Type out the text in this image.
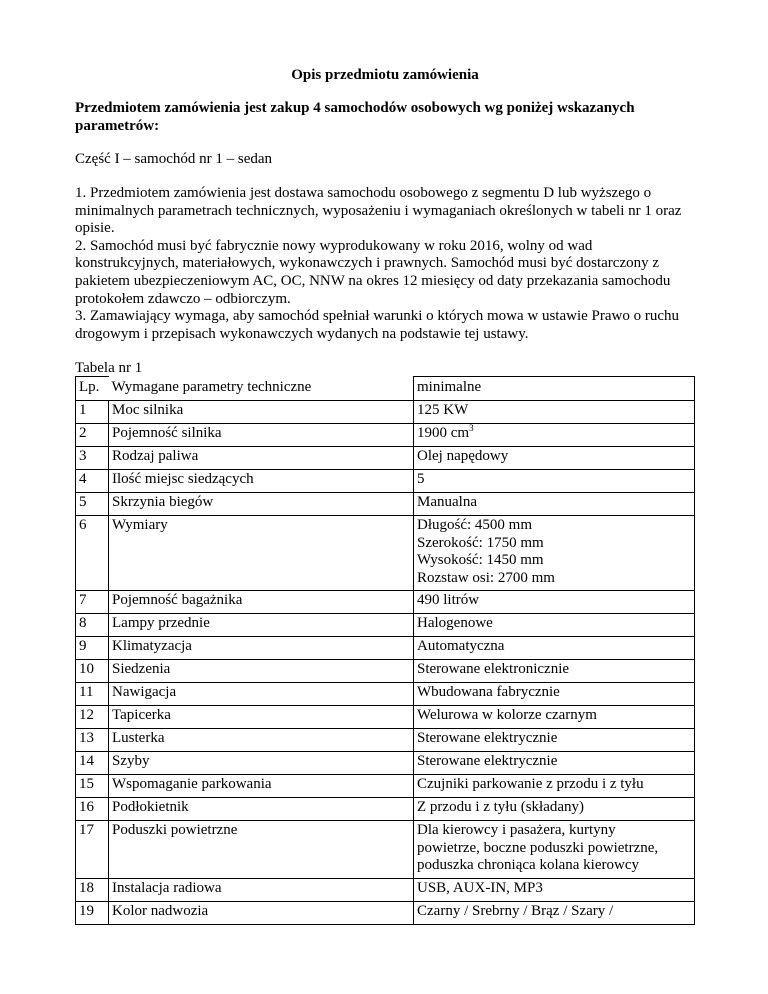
Opis przedmiotu zamówienia

Przedmiotem zamówienia jest zakup 4 samochodów osobowych wg poniżej wskazanych parametrów:

Część I – samochód nr 1 – sedan

1. Przedmiotem zamówienia jest dostawa samochodu osobowego z segmentu D lub wyższego o minimalnych parametrach technicznych, wyposażeniu i wymaganiach określonych w tabeli nr 1 oraz opisie.

2. Samochód musi być fabrycznie nowy wyprodukowany w roku 2016, wolny od wad konstrukcyjnych, materiałowych, wykonawczych i prawnych. Samochód musi być dostarczony z pakietem ubezpieczeniowym AC, OC, NNW na okres 12 miesięcy od daty przekazania samochodu protokołem zdawczo – odbiorczym.

3. Zamawiający wymaga, aby samochód spełniał warunki o których mowa w ustawie Prawo o ruchu drogowym i przepisach wykonawczych wydanych na podstawie tej ustawy.

Tabela nr 1

Lp.	Wymagane parametry techniczne	minimalne
1	Moc silnika	125 KW
2	Pojemność silnika	1900 $cm^3$
3	Rodzaj paliwa	Olej napędowy
4	Ilość miejsc siedzących	5
5	Skrzynia biegów	Manualna
6	Wymiary	Długość: 4500 mm
Szerokość: 1750 mm
Wysokość: 1450 mm
Rozstaw osi: 2700 mm

7	Pojemność bagażnika	490 litrów
8	Lampy przednie	Halogenowe
9	Klimatyzacja	Automatyczna
10	Siedzenia	Sterowane elektronicznie
11	Nawigacja	Wbudowana fabrycznie
12	Tapicerka	Welurowa w kolorze czarnym
13	Lusterka	Sterowane elektrycznie
14	Szyby	Sterowane elektrycznie
15	Wspomaganie parkowania	Czujniki parkowanie z przodu i z tyłu
16	Podłokietnik	Z przodu i z tyłu (składany)
17	Poduszki powietrzne	Dla kierowcy i pasażera, kurtyny
powietrze, boczne poduszki powietrzne,
poduszka chroniąca kolana kierowcy

18	Instalacja radiowa	USB, AUX-IN, MP3
19	Kolor nadwozia	Czarny / Srebrny / Brąz / Szary /
